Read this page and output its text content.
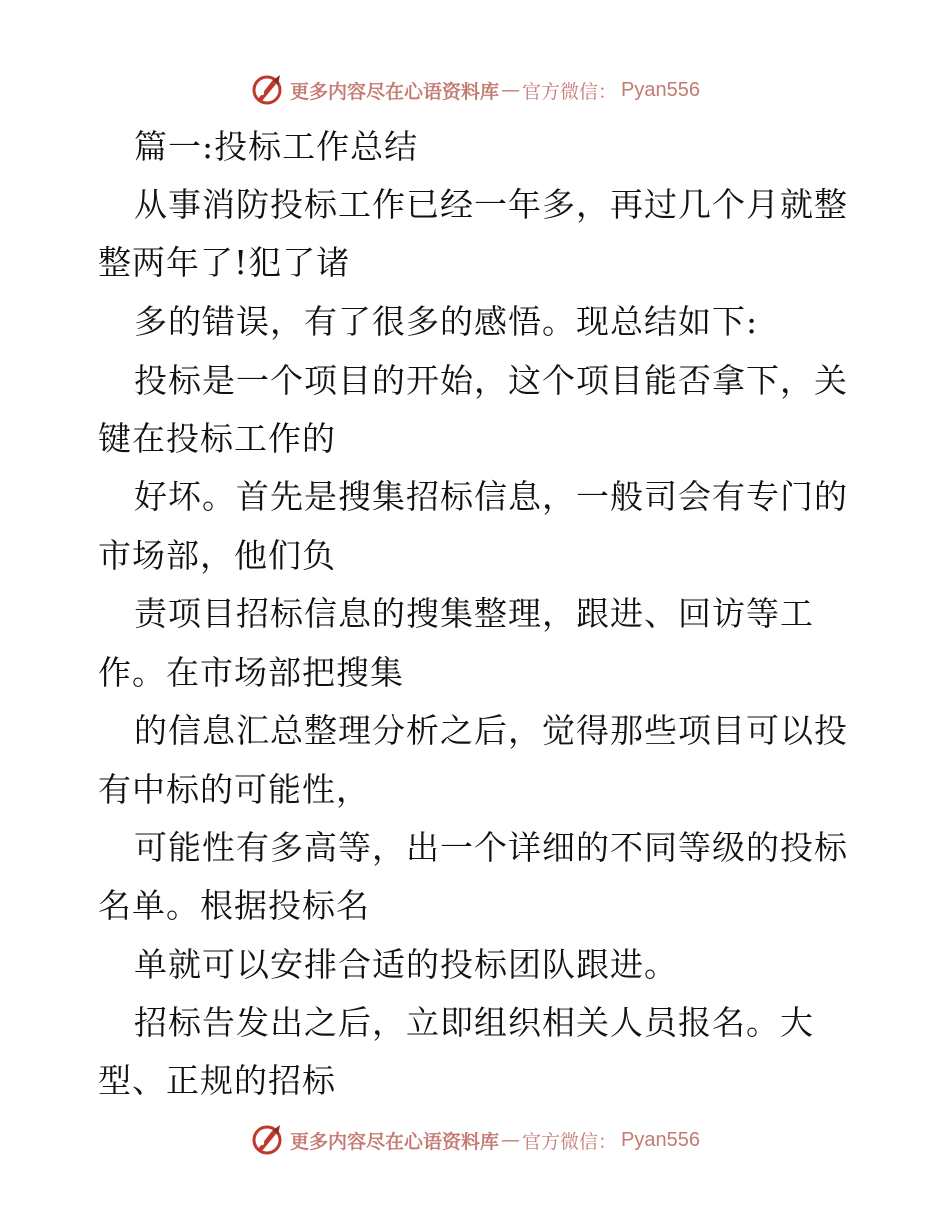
更多内容尽在心语资料库 — 官方微信： Pyan556
篇一:投标工作总结
从事消防投标工作已经一年多，再过几个月就整
整两年了!犯了诸
多的错误，有了很多的感悟。现总结如下:
投标是一个项目的开始，这个项目能否拿下，关
键在投标工作的
好坏。首先是搜集招标信息，一般司会有专门的
市场部，他们负
责项目招标信息的搜集整理，跟进、回访等工
作。在市场部把搜集
的信息汇总整理分析之后，觉得那些项目可以投
有中标的可能性，
可能性有多高等，出一个详细的不同等级的投标
名单。根据投标名
单就可以安排合适的投标团队跟进。
招标告发出之后，立即组织相关人员报名。大
型、正规的招标
更多内容尽在心语资料库 — 官方微信： Pyan556
